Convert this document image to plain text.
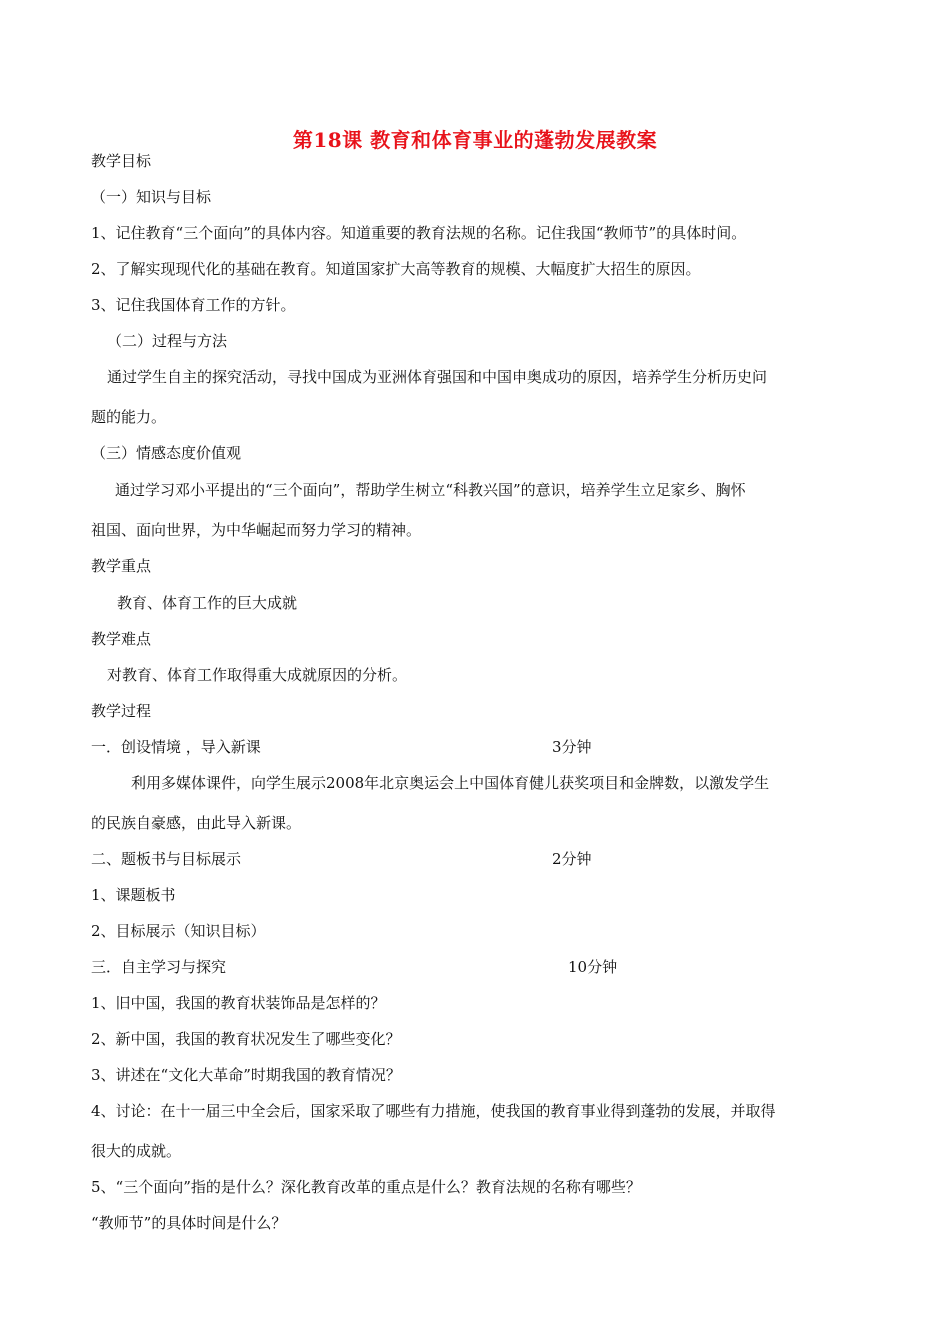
第18课 教育和体育事业的蓬勃发展教案
教学目标
（一）知识与目标
1、记住教育“三个面向”的具体内容。知道重要的教育法规的名称。记住我国“教师节”的具体时间。
2、了解实现现代化的基础在教育。知道国家扩大高等教育的规模、大幅度扩大招生的原因。
3、记住我国体育工作的方针。
（二）过程与方法
通过学生自主的探究活动，寻找中国成为亚洲体育强国和中国申奥成功的原因，培养学生分析历史问
题的能力。
（三）情感态度价值观
通过学习邓小平提出的“三个面向”，帮助学生树立“科教兴国”的意识，培养学生立足家乡、胸怀
祖国、面向世界，为中华崛起而努力学习的精神。
教学重点
教育、体育工作的巨大成就
教学难点
对教育、体育工作取得重大成就原因的分析。
教学过程
一．创设情境 ，导入新课	3分钟
利用多媒体课件，向学生展示2008年北京奥运会上中国体育健儿获奖项目和金牌数，以激发学生
的民族自豪感，由此导入新课。
二、题板书与目标展示	2分钟
1、课题板书
2、目标展示（知识目标）
三．自主学习与探究	10分钟
1、旧中国，我国的教育状装饰品是怎样的？
2、新中国，我国的教育状况发生了哪些变化？
3、讲述在“文化大革命”时期我国的教育情况？
4、讨论：在十一届三中全会后，国家采取了哪些有力措施，使我国的教育事业得到蓬勃的发展，并取得
很大的成就。
5、“三个面向”指的是什么？深化教育改革的重点是什么？教育法规的名称有哪些？
“教师节”的具体时间是什么？
